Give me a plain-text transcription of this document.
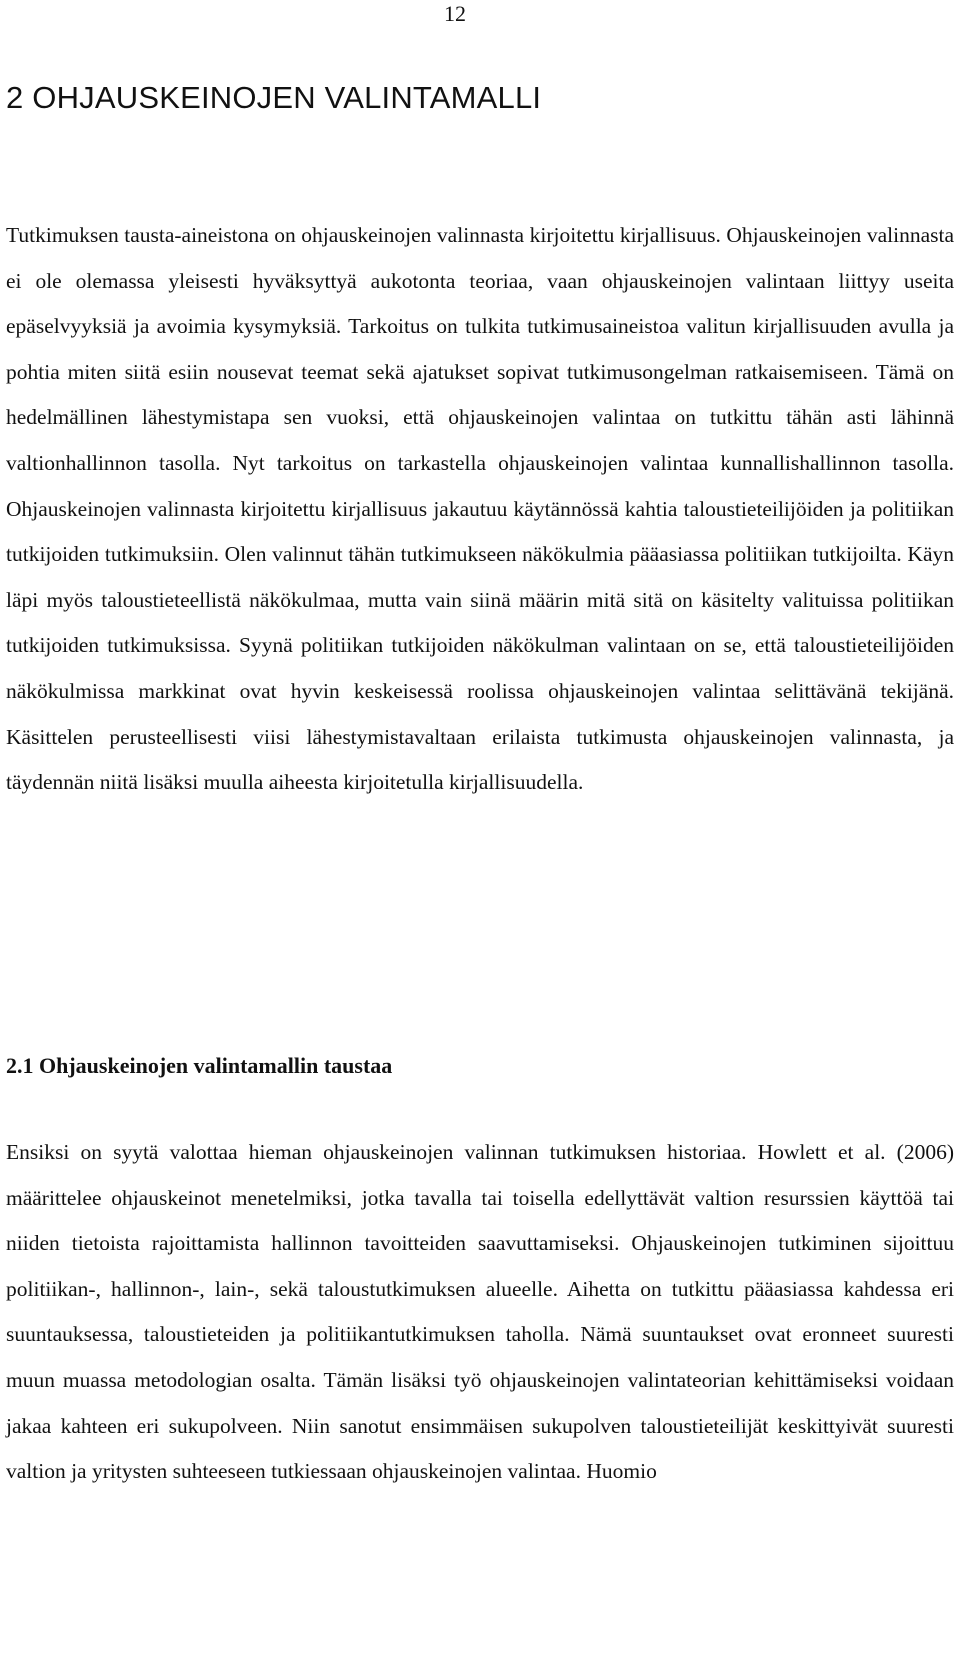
12
2 OHJAUSKEINOJEN VALINTAMALLI

Tutkimuksen tausta-aineistona on ohjauskeinojen valinnasta kirjoitettu kirjallisuus. Ohjauskeinojen valinnasta ei ole olemassa yleisesti hyväksyttyä aukotonta teoriaa, vaan ohjauskeinojen valintaan liittyy useita epäselvyyksiä ja avoimia kysymyksiä. Tarkoitus on tulkita tutkimusaineistoa valitun kirjallisuuden avulla ja pohtia miten siitä esiin nousevat teemat sekä ajatukset sopivat tutkimusongelman ratkaisemiseen. Tämä on hedelmällinen lähestymistapa sen vuoksi, että ohjauskeinojen valintaa on tutkittu tähän asti lähinnä valtionhallinnon tasolla. Nyt tarkoitus on tarkastella ohjauskeinojen valintaa kunnallishallinnon tasolla. Ohjauskeinojen valinnasta kirjoitettu kirjallisuus jakautuu käytännössä kahtia taloustieteilijöiden ja politiikan tutkijoiden tutkimuksiin. Olen valinnut tähän tutkimukseen näkökulmia pääasiassa politiikan tutkijoilta. Käyn läpi myös taloustieteellistä näkökulmaa, mutta vain siinä määrin mitä sitä on käsitelty valituissa politiikan tutkijoiden tutkimuksissa. Syynä politiikan tutkijoiden näkökulman valintaan on se, että taloustieteilijöiden näkökulmissa markkinat ovat hyvin keskeisessä roolissa ohjauskeinojen valintaa selittävänä tekijänä. Käsittelen perusteellisesti viisi lähestymistavaltaan erilaista tutkimusta ohjauskeinojen valinnasta, ja täydennän niitä lisäksi muulla aiheesta kirjoitetulla kirjallisuudella.

2.1 Ohjauskeinojen valintamallin taustaa

Ensiksi on syytä valottaa hieman ohjauskeinojen valinnan tutkimuksen historiaa. Howlett et al. (2006) määrittelee ohjauskeinot menetelmiksi, jotka tavalla tai toisella edellyttävät valtion resurssien käyttöä tai niiden tietoista rajoittamista hallinnon tavoitteiden saavuttamiseksi. Ohjauskeinojen tutkiminen sijoittuu politiikan-, hallinnon-, lain-, sekä taloustutkimuksen alueelle. Aihetta on tutkittu pääasiassa kahdessa eri suuntauksessa, taloustieteiden ja politiikantutkimuksen taholla. Nämä suuntaukset ovat eronneet suuresti muun muassa metodologian osalta. Tämän lisäksi työ ohjauskeinojen valintateorian kehittämiseksi voidaan jakaa kahteen eri sukupolveen. Niin sanotut ensimmäisen sukupolven taloustieteilijät keskittyivät suuresti valtion ja yritysten suhteeseen tutkiessaan ohjauskeinojen valintaa. Huomio
